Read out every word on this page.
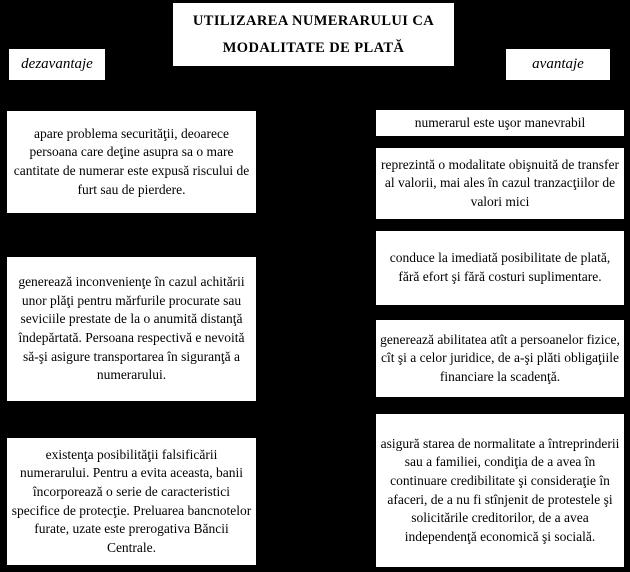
UTILIZAREA NUMERARULUI CA
MODALITATE DE PLATĂ
dezavantaje	avantaje
apare problema securităţii, deoarece persoana care deţine asupra sa o mare cantitate de numerar este expusă riscului de furt sau de pierdere.
generează inconvenienţe în cazul achitării unor plăţi pentru mărfurile procurate sau seviciile prestate de la o anumită distanţă îndepărtată. Persoana respectivă e nevoită să-şi asigure transportarea în siguranţă a numerarului.
existenţa posibilităţii falsificării numerarului. Pentru a evita aceasta, banii încorporează o serie de caracteristici specifice de protecţie. Preluarea bancnotelor furate, uzate este prerogativa Băncii Centrale.
numerarul este uşor manevrabil
reprezintă o modalitate obişnuită de transfer al valorii, mai ales în cazul tranzacţiilor de valori mici
conduce la imediată posibilitate de plată, fără efort şi fără costuri suplimentare.
generează abilitatea atît a persoanelor fizice, cît şi a celor juridice, de a-şi plăti obligaţiile financiare la scadenţă.
asigură starea de normalitate a întreprinderii sau a familiei, condiţia de a avea în continuare credibilitate şi consideraţie în afaceri, de a nu fi stînjenit de protestele şi solicitările creditorilor, de a avea independenţă economică şi socială.
